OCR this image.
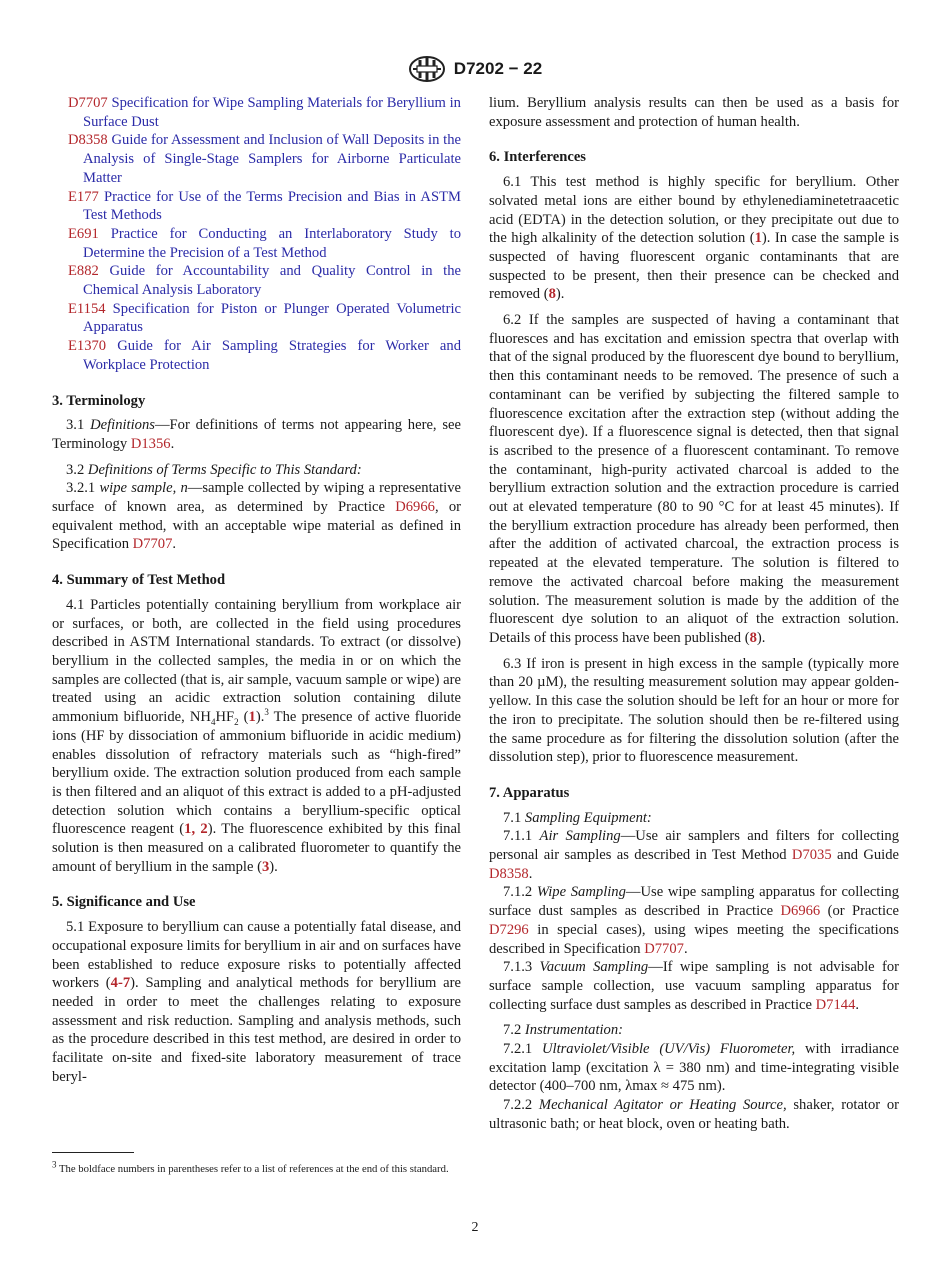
D7202 − 22

D7707 Specification for Wipe Sampling Materials for Beryllium in Surface Dust

D8358 Guide for Assessment and Inclusion of Wall Deposits in the Analysis of Single-Stage Samplers for Airborne Particulate Matter

E177 Practice for Use of the Terms Precision and Bias in ASTM Test Methods

E691 Practice for Conducting an Interlaboratory Study to Determine the Precision of a Test Method

E882 Guide for Accountability and Quality Control in the Chemical Analysis Laboratory

E1154 Specification for Piston or Plunger Operated Volumetric Apparatus

E1370 Guide for Air Sampling Strategies for Worker and Workplace Protection

3. Terminology

3.1 Definitions—For definitions of terms not appearing here, see Terminology D1356.

3.2 Definitions of Terms Specific to This Standard:

3.2.1 wipe sample, n—sample collected by wiping a representative surface of known area, as determined by Practice D6966, or equivalent method, with an acceptable wipe material as defined in Specification D7707.

4. Summary of Test Method

4.1 Particles potentially containing beryllium from workplace air or surfaces, or both, are collected in the field using procedures described in ASTM International standards. To extract (or dissolve) beryllium in the collected samples, the media in or on which the samples are collected (that is, air sample, vacuum sample or wipe) are treated using an acidic extraction solution containing dilute ammonium bifluoride, $NH_4HF_2$ (1).$^3$ The presence of active fluoride ions (HF by dissociation of ammonium bifluoride in acidic medium) enables dissolution of refractory materials such as “high-fired” beryllium oxide. The extraction solution produced from each sample is then filtered and an aliquot of this extract is added to a pH-adjusted detection solution which contains a beryllium-specific optical fluorescence reagent (1, 2). The fluorescence exhibited by this final solution is then measured on a calibrated fluorometer to quantify the amount of beryllium in the sample (3).

5. Significance and Use

5.1 Exposure to beryllium can cause a potentially fatal disease, and occupational exposure limits for beryllium in air and on surfaces have been established to reduce exposure risks to potentially affected workers (4-7). Sampling and analytical methods for beryllium are needed in order to meet the challenges relating to exposure assessment and risk reduction. Sampling and analysis methods, such as the procedure described in this test method, are desired in order to facilitate on-site and fixed-site laboratory measurement of trace beryl-

lium. Beryllium analysis results can then be used as a basis for exposure assessment and protection of human health.

6. Interferences

6.1 This test method is highly specific for beryllium. Other solvated metal ions are either bound by ethylenediaminetetraacetic acid (EDTA) in the detection solution, or they precipitate out due to the high alkalinity of the detection solution (1). In case the sample is suspected of having fluorescent organic contaminants that are suspected to be present, then their presence can be checked and removed (8).

6.2 If the samples are suspected of having a contaminant that fluoresces and has excitation and emission spectra that overlap with that of the signal produced by the fluorescent dye bound to beryllium, then this contaminant needs to be removed. The presence of such a contaminant can be verified by subjecting the filtered sample to fluorescence excitation after the extraction step (without adding the fluorescent dye). If a fluorescence signal is detected, then that signal is ascribed to the presence of a fluorescent contaminant. To remove the contaminant, high-purity activated charcoal is added to the beryllium extraction solution and the extraction procedure is carried out at elevated temperature (80 to 90 °C for at least 45 minutes). If the beryllium extraction procedure has already been performed, then after the addition of activated charcoal, the extraction process is repeated at the elevated temperature. The solution is filtered to remove the activated charcoal before making the measurement solution. The measurement solution is made by the addition of the fluorescent dye solution to an aliquot of the extraction solution. Details of this process have been published (8).

6.3 If iron is present in high excess in the sample (typically more than 20 µM), the resulting measurement solution may appear golden-yellow. In this case the solution should be left for an hour or more for the iron to precipitate. The solution should then be re-filtered using the same procedure as for filtering the dissolution solution (after the dissolution step), prior to fluorescence measurement.

7. Apparatus

7.1 Sampling Equipment:

7.1.1 Air Sampling—Use air samplers and filters for collecting personal air samples as described in Test Method D7035 and Guide D8358.

7.1.2 Wipe Sampling—Use wipe sampling apparatus for collecting surface dust samples as described in Practice D6966 (or Practice D7296 in special cases), using wipes meeting the specifications described in Specification D7707.

7.1.3 Vacuum Sampling—If wipe sampling is not advisable for surface sample collection, use vacuum sampling apparatus for collecting surface dust samples as described in Practice D7144.

7.2 Instrumentation:

7.2.1 Ultraviolet/Visible (UV/Vis) Fluorometer, with irradiance excitation lamp (excitation λ = 380 nm) and time-integrating visible detector (400–700 nm, λmax ≈ 475 nm).

7.2.2 Mechanical Agitator or Heating Source, shaker, rotator or ultrasonic bath; or heat block, oven or heating bath.

$^3$ The boldface numbers in parentheses refer to a list of references at the end of this standard.
2
